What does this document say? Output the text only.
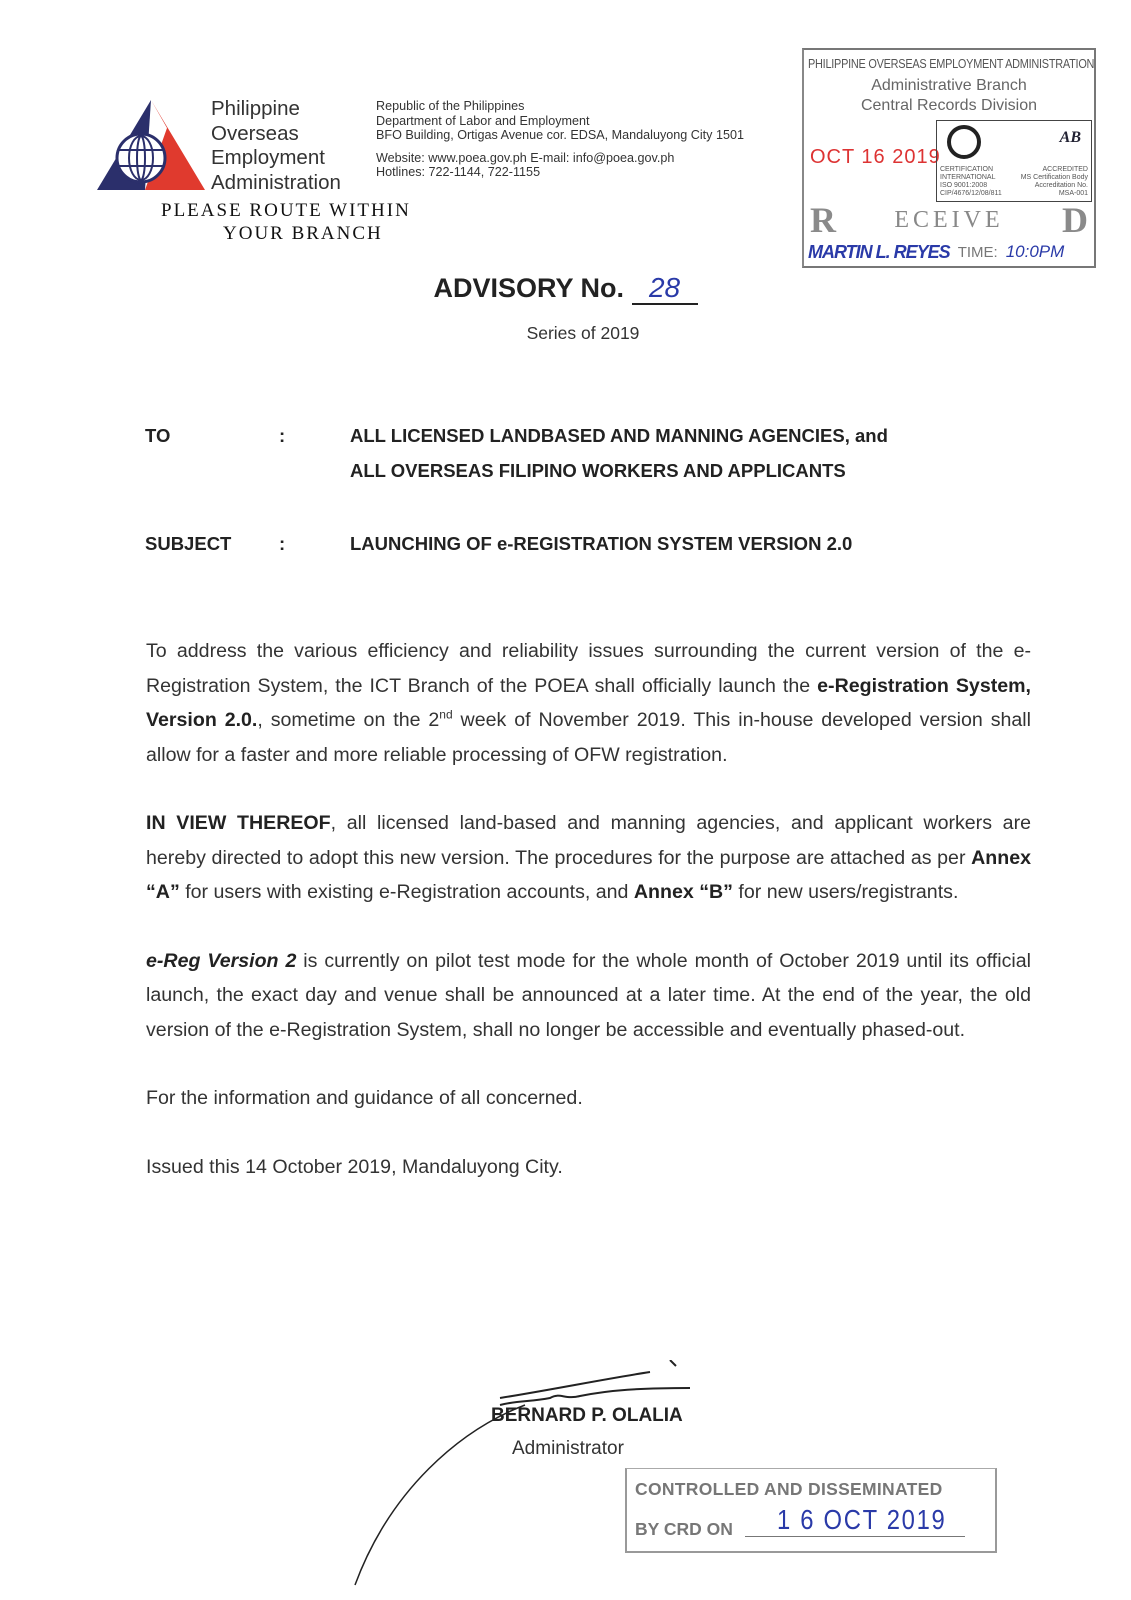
Philippine
Overseas
Employment
Administration
Republic of the Philippines
Department of Labor and Employment
BFO Building, Ortigas Avenue cor. EDSA, Mandaluyong City 1501
Website: www.poea.gov.ph E-mail: info@poea.gov.ph
Hotlines: 722-1144, 722-1155
PLEASE ROUTE WITHIN
YOUR BRANCH
PHILIPPINE OVERSEAS EMPLOYMENT ADMINISTRATION
Administrative Branch
Central Records Division
OCT 16 2019
AB
CERTIFICATION
INTERNATIONAL
ISO 9001:2008
CIP/4676/12/08/811
ACCREDITED
MS Certification Body
Accreditation No.
MSA-001
R ECEIVE D
MARTIN L. REYES TIME: 10:0PM
ADVISORY No. 28
Series of 2019
TO	:	ALL LICENSED LANDBASED AND MANNING AGENCIES, and
ALL OVERSEAS FILIPINO WORKERS AND APPLICANTS
SUBJECT	:	LAUNCHING OF e-REGISTRATION SYSTEM VERSION 2.0
To address the various efficiency and reliability issues surrounding the current version of the e-Registration System, the ICT Branch of the POEA shall officially launch the e-Registration System, Version 2.0., sometime on the 2nd week of November 2019. This in-house developed version shall allow for a faster and more reliable processing of OFW registration.
IN VIEW THEREOF, all licensed land-based and manning agencies, and applicant workers are hereby directed to adopt this new version. The procedures for the purpose are attached as per Annex “A” for users with existing e-Registration accounts, and Annex “B” for new users/registrants.
e-Reg Version 2 is currently on pilot test mode for the whole month of October 2019 until its official launch, the exact day and venue shall be announced at a later time. At the end of the year, the old version of the e-Registration System, shall no longer be accessible and eventually phased-out.
For the information and guidance of all concerned.
Issued this 14 October 2019, Mandaluyong City.
BERNARD P. OLALIA
Administrator
CONTROLLED AND DISSEMINATED
BY CRD ON 1 6 OCT 2019
